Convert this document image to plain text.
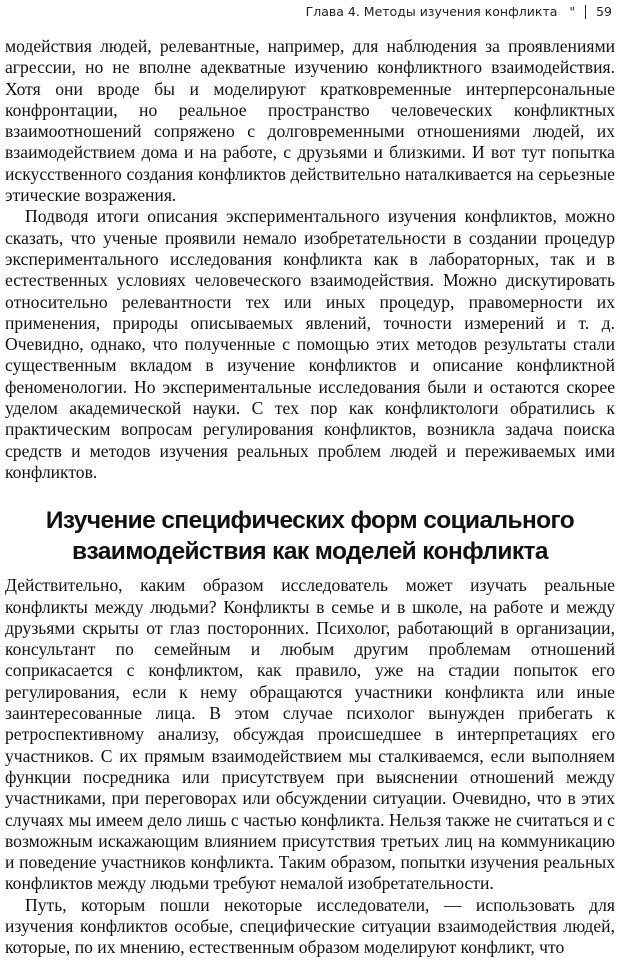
Глава 4. Методы изучения конфликта " 59

модействия людей, релевантные, например, для наблюдения за проявлениями агрессии, но не вполне адекватные изучению конфликтного взаимодействия. Хотя они вроде бы и моделируют кратковременные интерперсональные конфронтации, но реальное пространство человеческих конфликтных взаимоотношений сопряжено с долговременными отношениями людей, их взаимодействием дома и на работе, с друзьями и близкими. И вот тут попытка искусственного создания конфликтов действительно наталкивается на серьезные этические возражения.

Подводя итоги описания экспериментального изучения конфликтов, можно сказать, что ученые проявили немало изобретательности в создании процедур экспериментального исследования конфликта как в лабораторных, так и в естественных условиях человеческого взаимодействия. Можно дискутировать относительно релевантности тех или иных процедур, правомерности их применения, природы описываемых явлений, точности измерений и т. д. Очевидно, однако, что полученные с помощью этих методов результаты стали существенным вкладом в изучение конфликтов и описание конфликтной феноменологии. Но экспериментальные исследования были и остаются скорее уделом академической науки. С тех пор как конфликтологи обратились к практическим вопросам регулирования конфликтов, возникла задача поиска средств и методов изучения реальных проблем людей и переживаемых ими конфликтов.

Изучение специфических форм социального
взаимодействия как моделей конфликта

Действительно, каким образом исследователь может изучать реальные конфликты между людьми? Конфликты в семье и в школе, на работе и между друзьями скрыты от глаз посторонних. Психолог, работающий в организации, консультант по семейным и любым другим проблемам отношений соприкасается с конфликтом, как правило, уже на стадии попыток его регулирования, если к нему обращаются участники конфликта или иные заинтересованные лица. В этом случае психолог вынужден прибегать к ретроспективному анализу, обсуждая происшедшее в интерпретациях его участников. С их прямым взаимодействием мы сталкиваемся, если выполняем функции посредника или присутствуем при выяснении отношений между участниками, при переговорах или обсуждении ситуации. Очевидно, что в этих случаях мы имеем дело лишь с частью конфликта. Нельзя также не считаться и с возможным искажающим влиянием присутствия третьих лиц на коммуникацию и поведение участников конфликта. Таким образом, попытки изучения реальных конфликтов между людьми требуют немалой изобретательности.

Путь, которым пошли некоторые исследователи, — использовать для изучения конфликтов особые, специфические ситуации взаимодействия людей, которые, по их мнению, естественным образом моделируют конфликт, что
